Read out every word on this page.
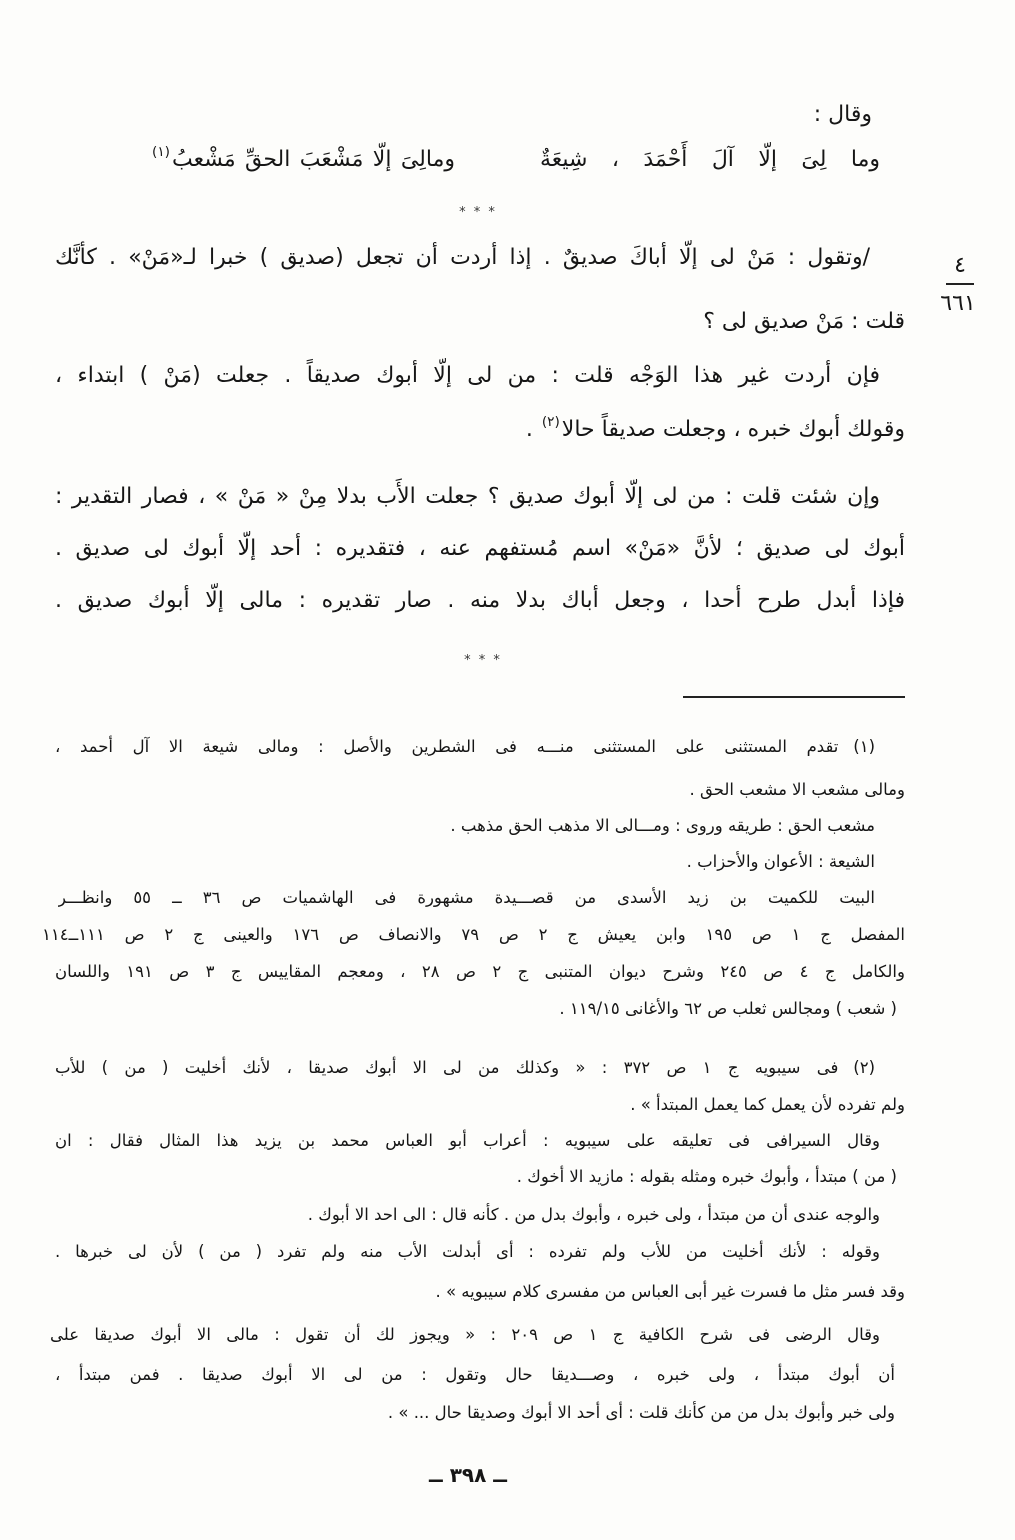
وقال :
وما لِىَ إلّا آلَ أَحْمَدَ ، شِيعَةٌ
ومالِىَ إلّا مَشْعَبَ الحقِّ مَشْعبُ$^{(١)}$
* * *
٤
٦٦١
/وتقول : مَنْ لى إلّا أباكَ صديقٌ . إذا أردت أن تجعل (صديق ) خبرا لـ«مَنْ» . كأنَّك
قلت : مَنْ صديق لى ؟
فإن أردت غير هذا الوَجْه قلت : من لى إلّا أبوك صديقاً . جعلت (مَنْ ) ابتداء ،
وقولك أبوك خبره ، وجعلت صديقاً حالا$^{(٢)}$ .
وإن شئت قلت : من لى إلّا أبوك صديق ؟ جعلت الأَب بدلا مِنْ « مَنْ » ، فصار التقدير :
أبوك لى صديق ؛ لأنَّ «مَنْ» اسم مُستفهم عنه ، فتقديره : أحد إلّا أبوك لى صديق .
فإذا أبدل طرح أحدا ، وجعل أباك بدلا منه . صار تقديره : مالى إلّا أبوك صديق .
* * *
(١)تقدم المستثنى على المستثنى منـــه فى الشطرين والأصل : ومالى شيعة الا آل أحمد ،
ومالى مشعب الا مشعب الحق .
مشعب الحق : طريقه وروى : ومـــالى الا مذهب الحق مذهب .
الشيعة : الأعوان والأحزاب .
البيت للكميت بن زيد الأسدى من قصـــيدة مشهورة فى الهاشميات ص ٣٦ ــ ٥٥ وانظـــر
المفصل ج ١ ص ١٩٥ وابن يعيش ج ٢ ص ٧٩ والانصاف ص ١٧٦ والعينى ج ٢ ص ١١١ــ١١٤
والكامل ج ٤ ص ٢٤٥ وشرح ديوان المتنبى ج ٢ ص ٢٨ ، ومعجم المقاييس ج ٣ ص ١٩١ واللسان
( شعب ) ومجالس ثعلب ص ٦٢ والأغانى ١١٩/١٥ .
(٢)فى سيبويه ج ١ ص ٣٧٢ : « وكذلك من لى الا أبوك صديقا ، لأنك أخليت ( من ) للأب
ولم تفرده لأن يعمل كما يعمل المبتدأ » .
وقال السيرافى فى تعليقه على سيبويه : أعراب أبو العباس محمد بن يزيد هذا المثال فقال : ان
( من ) مبتدأ ، وأبوك خبره ومثله بقوله : مازيد الا أخوك .
والوجه عندى أن من مبتدأ ، ولى خبره ، وأبوك بدل من . كأنه قال : الى احد الا أبوك .
وقوله : لأنك أخليت من للأب ولم تفرده : أى أبدلت الأب منه ولم تفرد ( من ) لأن لى خبرها .
وقد فسر مثل ما فسرت غير أبى العباس من مفسرى كلام سيبويه » .
وقال الرضى فى شرح الكافية ج ١ ص ٢٠٩ : « ويجوز لك أن تقول : مالى الا أبوك صديقا على
أن أبوك مبتدأ ، ولى خبره ، وصـــديقا حال وتقول : من لى الا أبوك صديقا . فمن مبتدأ ،
ولى خبر وأبوك بدل من من كأنك قلت : أى أحد الا أبوك وصديقا حال ... » .
ــ ٣٩٨ ــ
